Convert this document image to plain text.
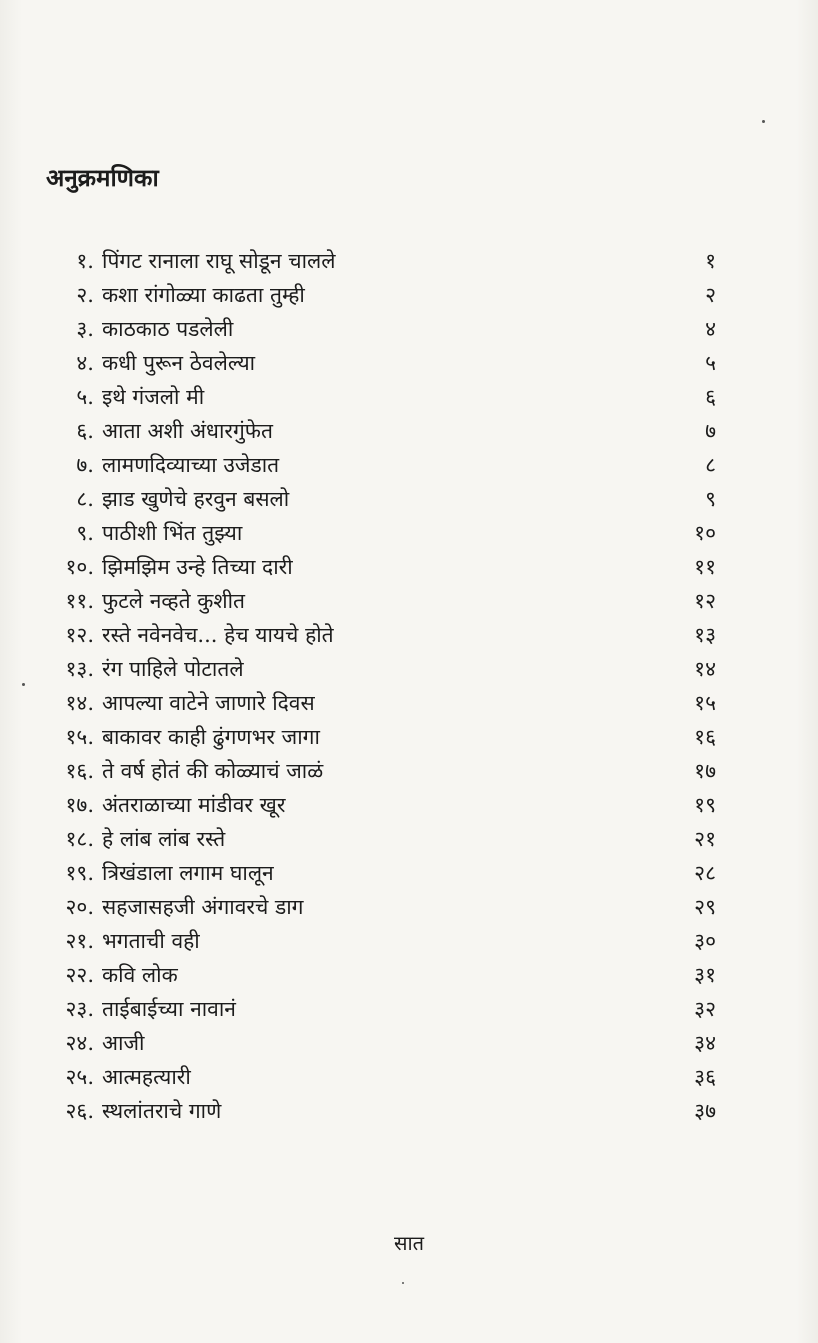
अनुक्रमणिका
१. पिंगट रानाला राघू सोडून चालले	१
२. कशा रांगोळ्या काढता तुम्ही	२
३. काठकाठ पडलेली	४
४. कधी पुरून ठेवलेल्या	५
५. इथे गंजलो मी	६
६. आता अशी अंधारगुंफेत	७
७. लामणदिव्याच्या उजेडात	८
८. झाड खुणेचे हरवुन बसलो	९
९. पाठीशी भिंत तुझ्या	१०
१०. झिमझिम उन्हे तिच्या दारी	११
११. फुटले नव्हते कुशीत	१२
१२. रस्ते नवेनवेच... हेच यायचे होते	१३
१३. रंग पाहिले पोटातले	१४
१४. आपल्या वाटेने जाणारे दिवस	१५
१५. बाकावर काही ढुंगणभर जागा	१६
१६. ते वर्ष होतं की कोळ्याचं जाळं	१७
१७. अंतराळाच्या मांडीवर खूर	१९
१८. हे लांब लांब रस्ते	२१
१९. त्रिखंडाला लगाम घालून	२८
२०. सहजासहजी अंगावरचे डाग	२९
२१. भगताची वही	३०
२२. कवि लोक	३१
२३. ताईबाईच्या नावानं	३२
२४. आजी	३४
२५. आत्महत्यारी	३६
२६. स्थलांतराचे गाणे	३७
सात
